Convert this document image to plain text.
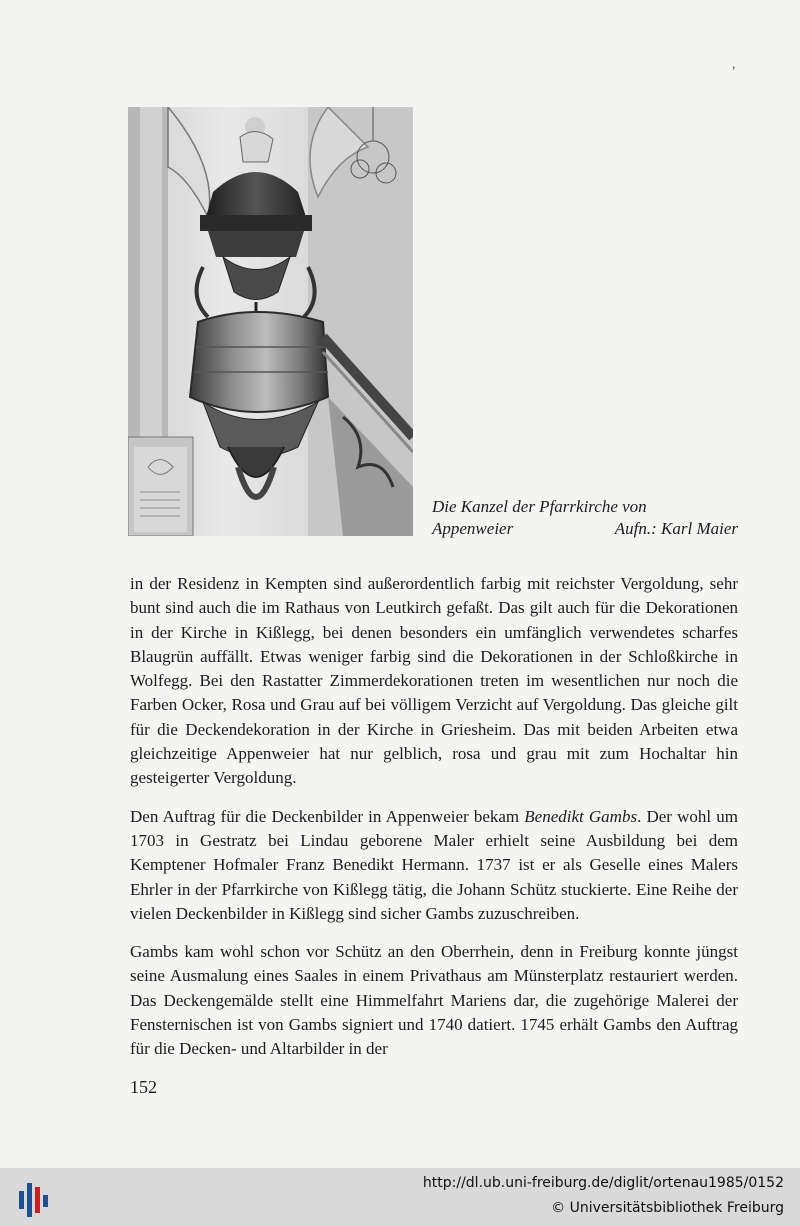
,
Die Kanzel der Pfarrkirche von
Appenweier	Aufn.: Karl Maier

in der Residenz in Kempten sind außerordentlich farbig mit reichster Vergoldung, sehr bunt sind auch die im Rathaus von Leutkirch gefaßt. Das gilt auch für die Dekorationen in der Kirche in Kißlegg, bei denen besonders ein umfänglich verwendetes scharfes Blaugrün auffällt. Etwas weniger farbig sind die Dekorationen in der Schloßkirche in Wolfegg. Bei den Rastatter Zimmerdekorationen treten im wesentlichen nur noch die Farben Ocker, Rosa und Grau auf bei völligem Verzicht auf Vergoldung. Das gleiche gilt für die Deckendekoration in der Kirche in Griesheim. Das mit beiden Arbeiten etwa gleichzeitige Appenweier hat nur gelblich, rosa und grau mit zum Hochaltar hin gesteigerter Vergoldung.

Den Auftrag für die Deckenbilder in Appenweier bekam Benedikt Gambs. Der wohl um 1703 in Gestratz bei Lindau geborene Maler erhielt seine Ausbildung bei dem Kemptener Hofmaler Franz Benedikt Hermann. 1737 ist er als Geselle eines Malers Ehrler in der Pfarrkirche von Kißlegg tätig, die Johann Schütz stuckierte. Eine Reihe der vielen Deckenbilder in Kißlegg sind sicher Gambs zuzuschreiben.

Gambs kam wohl schon vor Schütz an den Oberrhein, denn in Freiburg konnte jüngst seine Ausmalung eines Saales in einem Privathaus am Münsterplatz restauriert werden. Das Deckengemälde stellt eine Himmelfahrt Mariens dar, die zugehörige Malerei der Fensternischen ist von Gambs signiert und 1740 datiert. 1745 erhält Gambs den Auftrag für die Decken- und Altarbilder in der

152
http://dl.ub.uni-freiburg.de/diglit/ortenau1985/0152
© Universitätsbibliothek Freiburg
